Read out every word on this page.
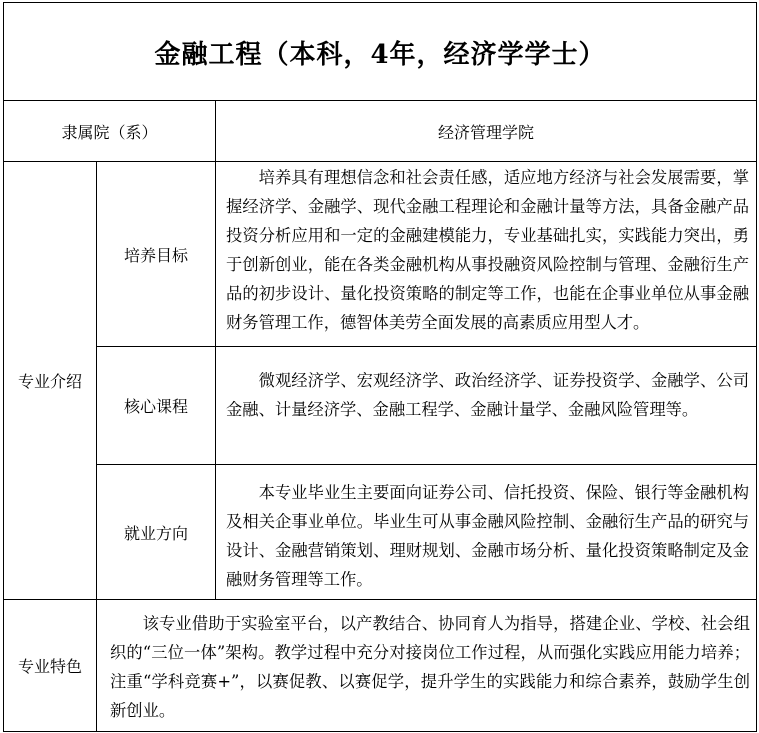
金融工程（本科，4年，经济学学士）
隶属院（系）	经济管理学院
专业介绍
培养目标

培养具有理想信念和社会责任感，适应地方经济与社会发展需要，掌握经济学、金融学、现代金融工程理论和金融计量等方法，具备金融产品投资分析应用和一定的金融建模能力，专业基础扎实，实践能力突出，勇于创新创业，能在各类金融机构从事投融资风险控制与管理、金融衍生产品的初步设计、量化投资策略的制定等工作，也能在企事业单位从事金融财务管理工作，德智体美劳全面发展的高素质应用型人才。

核心课程

微观经济学、宏观经济学、政治经济学、证券投资学、金融学、公司金融、计量经济学、金融工程学、金融计量学、金融风险管理等。

就业方向

本专业毕业生主要面向证券公司、信托投资、保险、银行等金融机构及相关企事业单位。毕业生可从事金融风险控制、金融衍生产品的研究与设计、金融营销策划、理财规划、金融市场分析、量化投资策略制定及金融财务管理等工作。

专业特色

该专业借助于实验室平台，以产教结合、协同育人为指导，搭建企业、学校、社会组织的“三位一体”架构。教学过程中充分对接岗位工作过程，从而强化实践应用能力培养；注重“学科竞赛+”，以赛促教、以赛促学，提升学生的实践能力和综合素养，鼓励学生创新创业。
